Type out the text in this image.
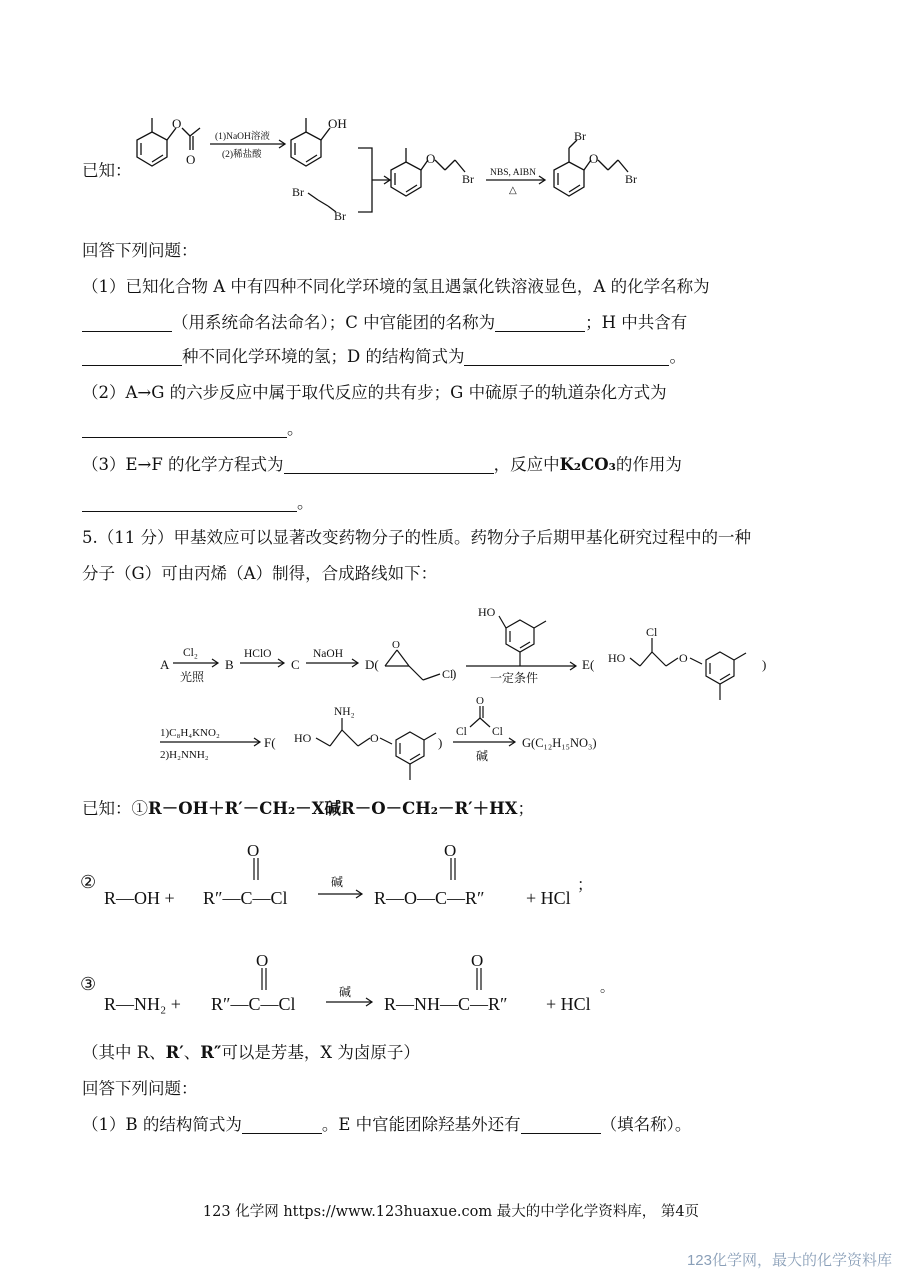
已知：
O
O
(1)NaOH溶液
(2)稀盐酸
OH
Br
Br
O
Br NBS, AIBN
△
Br
O
Br
回答下列问题：
（1）已知化合物 A 中有四种不同化学环境的氢且遇氯化铁溶液显色，A 的化学名称为
（用系统命名法命名）；C 中官能团的名称为	；H 中共含有
种不同化学环境的氢；D 的结构简式为	。
（2）A→G 的六步反应中属于取代反应的共有步；G 中硫原子的轨道杂化方式为
。
（3）E→F 的化学方程式为	，反应中K₂CO₃的作用为
。
5.（11 分）甲基效应可以显著改变药物分子的性质。药物分子后期甲基化研究过程中的一种
分子（G）可由丙烯（A）制得，合成路线如下：
A
Cl₂
光照
B
HClO
C
NaOH
D(
O
Cl
)
HO
一定条件
E( HO
Cl
O	)
1)C₈H₄KNO₂
2)H₂NNH₂
F( HO
NH₂
O	)
O
Cl Cl
碱
G(C₁₂H₁₅NO₃)
已知：①R－OH＋R′－CH₂－X碱R－O－CH₂－R′＋HX；
②
O	O
R—OH + R″—C—Cl
碱
R—O—C—R″ + HCl
；
③
O	O
R—NH₂ + R″—C—Cl
碱
R—NH—C—R″ + HCl
。
（其中 R、R′、R″可以是芳基，X 为卤原子）
回答下列问题：
（1）B 的结构简式为	。E 中官能团除羟基外还有	（填名称）。
123 化学网 https://www.123huaxue.com 最大的中学化学资料库， 第4页
123化学网，最大的化学资料库
